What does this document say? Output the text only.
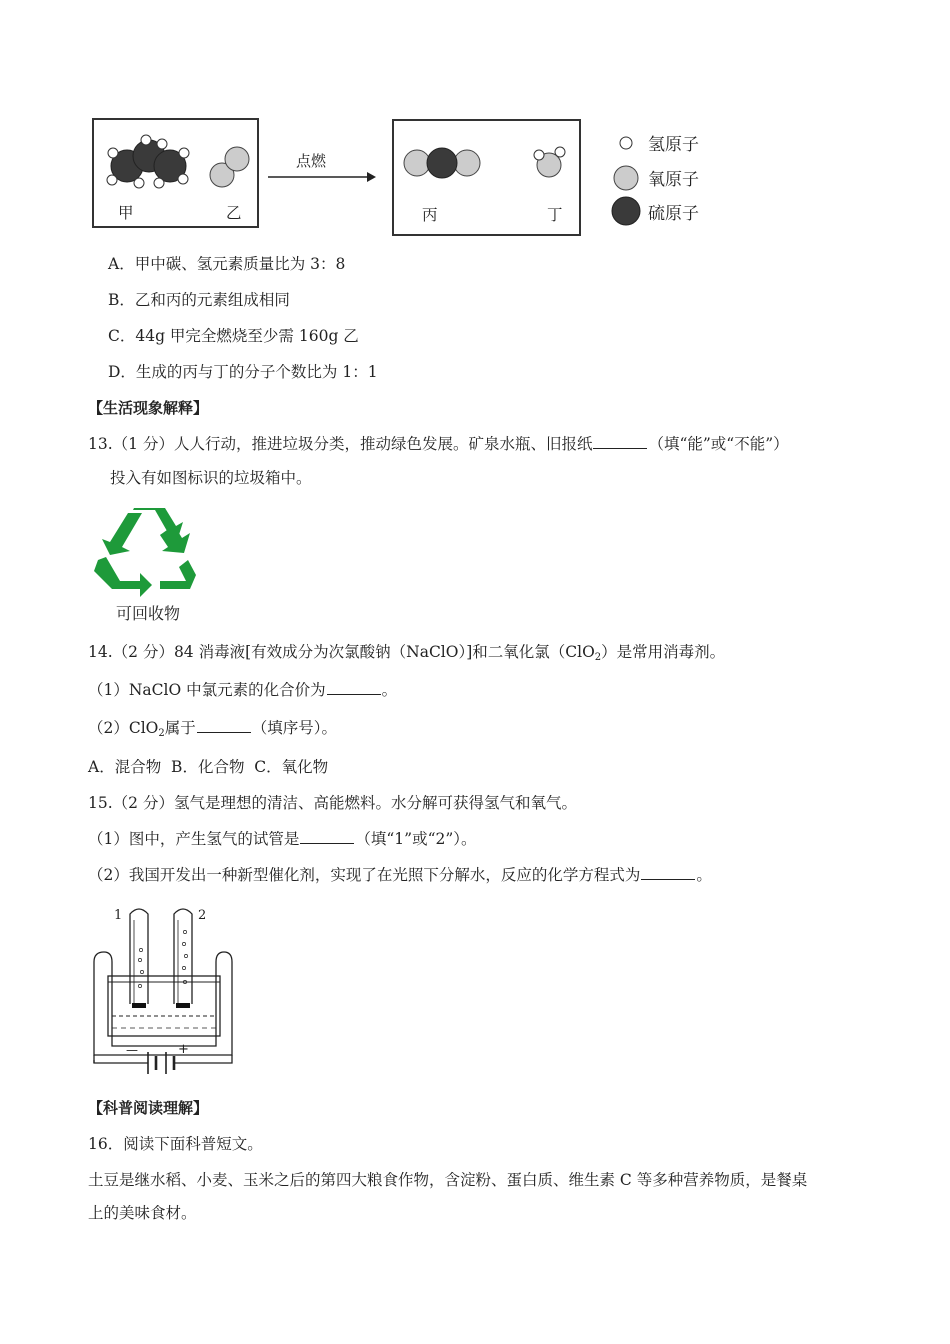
甲	乙
点燃
丙	丁
氢原子
氧原子
硫原子
A．甲中碳、氢元素质量比为 3：8
B．乙和丙的元素组成相同
C．44g 甲完全燃烧至少需 160g 乙
D．生成的丙与丁的分子个数比为 1：1
【生活现象解释】
13.（1 分）人人行动，推进垃圾分类，推动绿色发展。矿泉水瓶、旧报纸	（填“能”或“不能”）
投入有如图标识的垃圾箱中。
可回收物
14.（2 分）84 消毒液[有效成分为次氯酸钠（NaClO）]和二氧化氯（ClO$_2$）是常用消毒剂。
（1）NaClO 中氯元素的化合价为	。
（2）ClO$_2$属于	（填序号）。
A．混合物  B．化合物  C．氧化物
15.（2 分）氢气是理想的清洁、高能燃料。水分解可获得氢气和氧气。
（1）图中，产生氢气的试管是	（填“1”或“2”）。
（2）我国开发出一种新型催化剂，实现了在光照下分解水，反应的化学方程式为	。
1	2
—	+
【科普阅读理解】
16．阅读下面科普短文。
土豆是继水稻、小麦、玉米之后的第四大粮食作物，含淀粉、蛋白质、维生素 C 等多种营养物质，是餐桌
上的美味食材。
